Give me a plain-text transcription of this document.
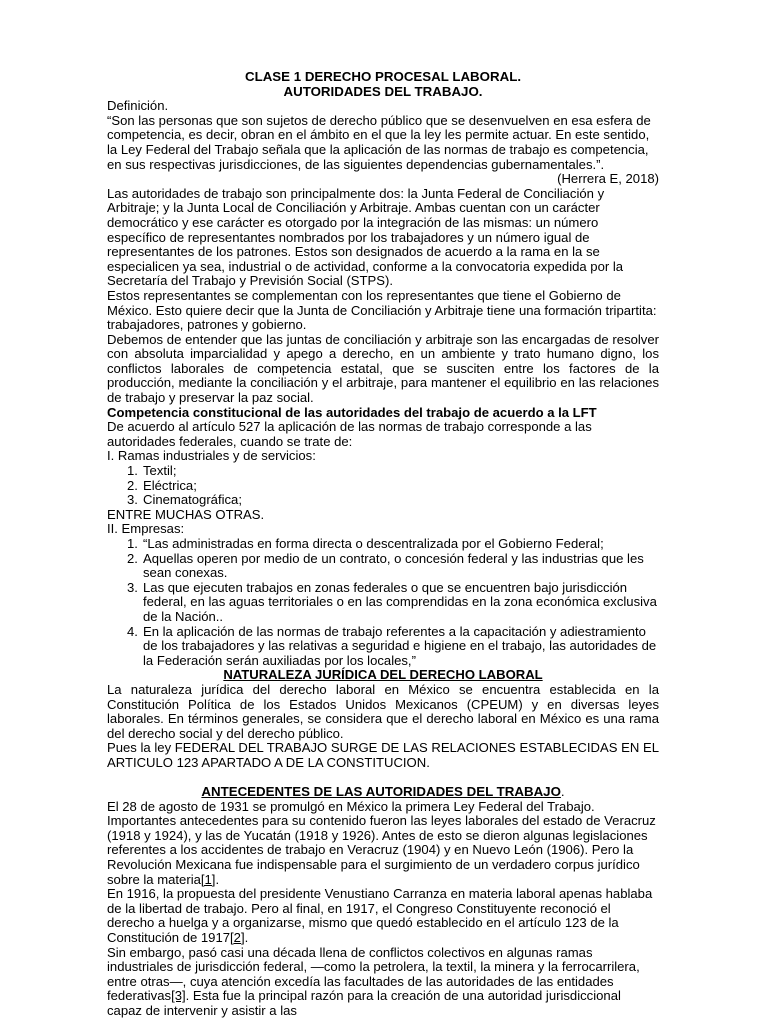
CLASE 1 DERECHO PROCESAL LABORAL.

AUTORIDADES DEL TRABAJO.

Definición.

“Son las personas que son sujetos de derecho público que se desenvuelven en esa esfera de competencia, es decir, obran en el ámbito en el que la ley les permite actuar. En este sentido, la Ley Federal del Trabajo señala que la aplicación de las normas de trabajo es competencia, en sus respectivas jurisdicciones, de las siguientes dependencias gubernamentales.”.

(Herrera E, 2018)

Las autoridades de trabajo son principalmente dos: la Junta Federal de Conciliación y Arbitraje; y la Junta Local de Conciliación y Arbitraje. Ambas cuentan con un carácter democrático y ese carácter es otorgado por la integración de las mismas: un número específico de representantes nombrados por los trabajadores y un número igual de representantes de los patrones. Estos son designados de acuerdo a la rama en la se especialicen ya sea, industrial o de actividad, conforme a la convocatoria expedida por la Secretaría del Trabajo y Previsión Social (STPS).

Estos representantes se complementan con los representantes que tiene el Gobierno de México. Esto quiere decir que la Junta de Conciliación y Arbitraje tiene una formación tripartita: trabajadores, patrones y gobierno.

Debemos de entender que las juntas de conciliación y arbitraje son las encargadas de resolver con absoluta imparcialidad y apego a derecho, en un ambiente y trato humano digno, los conflictos laborales de competencia estatal, que se susciten entre los factores de la producción, mediante la conciliación y el arbitraje, para mantener el equilibrio en las relaciones de trabajo y preservar la paz social.

Competencia constitucional de las autoridades del trabajo de acuerdo a la LFT

De acuerdo al artículo 527 la aplicación de las normas de trabajo corresponde a las autoridades federales, cuando se trate de:

I. Ramas industriales y de servicios:

1. Textil;
2. Eléctrica;
3. Cinematográfica;

ENTRE MUCHAS OTRAS.

II. Empresas:

1. “Las administradas en forma directa o descentralizada por el Gobierno Federal;
2. Aquellas operen por medio de un contrato, o concesión federal y las industrias que les sean conexas.
3. Las que ejecuten trabajos en zonas federales o que se encuentren bajo jurisdicción federal, en las aguas territoriales o en las comprendidas en la zona económica exclusiva de la Nación..
4. En la aplicación de las normas de trabajo referentes a la capacitación y adiestramiento de los trabajadores y las relativas a seguridad e higiene en el trabajo, las autoridades de la Federación serán auxiliadas por los locales,”

NATURALEZA JURÍDICA DEL DERECHO LABORAL

La naturaleza jurídica del derecho laboral en México se encuentra establecida en la Constitución Política de los Estados Unidos Mexicanos (CPEUM) y en diversas leyes laborales. En términos generales, se considera que el derecho laboral en México es una rama del derecho social y del derecho público.

Pues la ley FEDERAL DEL TRABAJO SURGE DE LAS RELACIONES ESTABLECIDAS EN EL ARTICULO 123 APARTADO A DE LA CONSTITUCION.

ANTECEDENTES DE LAS AUTORIDADES DEL TRABAJO.

El 28 de agosto de 1931 se promulgó en México la primera Ley Federal del Trabajo. Importantes antecedentes para su contenido fueron las leyes laborales del estado de Veracruz (1918 y 1924), y las de Yucatán (1918 y 1926). Antes de esto se dieron algunas legislaciones referentes a los accidentes de trabajo en Veracruz (1904) y en Nuevo León (1906). Pero la Revolución Mexicana fue indispensable para el surgimiento de un verdadero corpus jurídico sobre la materia[1].

En 1916, la propuesta del presidente Venustiano Carranza en materia laboral apenas hablaba de la libertad de trabajo. Pero al final, en 1917, el Congreso Constituyente reconoció el derecho a huelga y a organizarse, mismo que quedó establecido en el artículo 123 de la Constitución de 1917[2].

Sin embargo, pasó casi una década llena de conflictos colectivos en algunas ramas industriales de jurisdicción federal, —como la petrolera, la textil, la minera y la ferrocarrilera, entre otras—, cuya atención excedía las facultades de las autoridades de las entidades federativas[3]. Esta fue la principal razón para la creación de una autoridad jurisdiccional capaz de intervenir y asistir a las
